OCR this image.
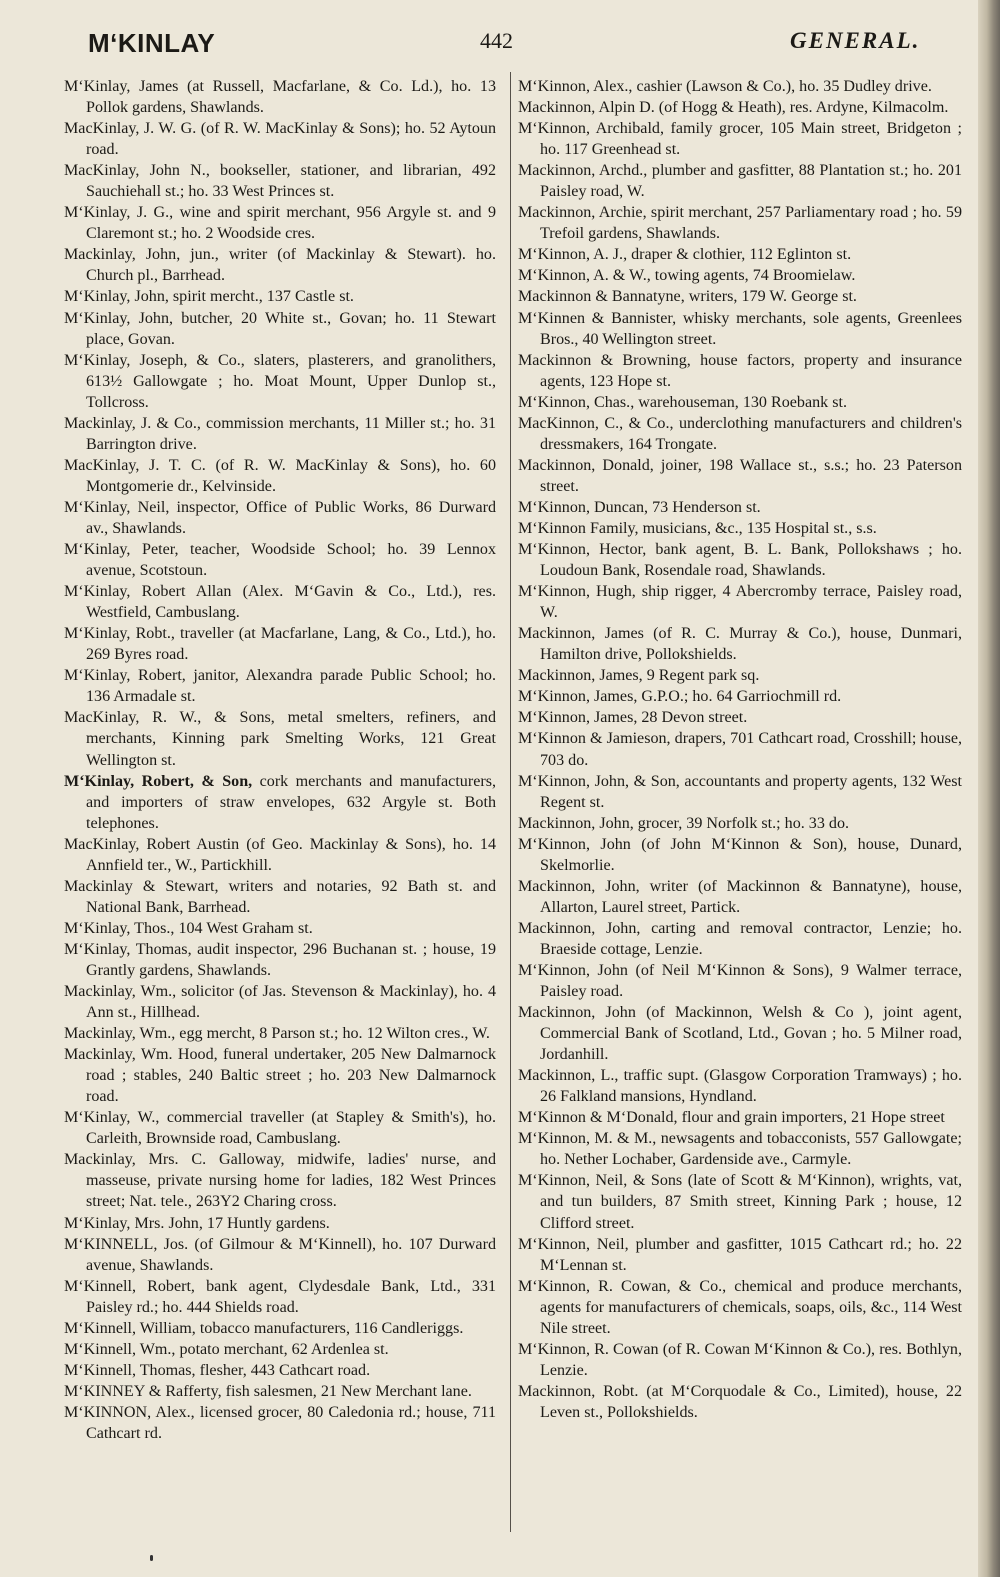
M‘KINLAY	442	GENERAL.

M‘Kinlay, James (at Russell, Macfarlane, & Co. Ld.), ho. 13 Pollok gardens, Shawlands.

MacKinlay, J. W. G. (of R. W. MacKinlay & Sons); ho. 52 Aytoun road.

MacKinlay, John N., bookseller, stationer, and librarian, 492 Sauchiehall st.; ho. 33 West Princes st.

M‘Kinlay, J. G., wine and spirit merchant, 956 Argyle st. and 9 Claremont st.; ho. 2 Woodside cres.

Mackinlay, John, jun., writer (of Mackinlay & Stewart). ho. Church pl., Barrhead.

M‘Kinlay, John, spirit mercht., 137 Castle st.

M‘Kinlay, John, butcher, 20 White st., Govan; ho. 11 Stewart place, Govan.

M‘Kinlay, Joseph, & Co., slaters, plasterers, and granolithers, 613½ Gallowgate ; ho. Moat Mount, Upper Dunlop st., Tollcross.

Mackinlay, J. & Co., commission merchants, 11 Miller st.; ho. 31 Barrington drive.

MacKinlay, J. T. C. (of R. W. MacKinlay & Sons), ho. 60 Montgomerie dr., Kelvinside.

M‘Kinlay, Neil, inspector, Office of Public Works, 86 Durward av., Shawlands.

M‘Kinlay, Peter, teacher, Woodside School; ho. 39 Lennox avenue, Scotstoun.

M‘Kinlay, Robert Allan (Alex. M‘Gavin & Co., Ltd.), res. Westfield, Cambuslang.

M‘Kinlay, Robt., traveller (at Macfarlane, Lang, & Co., Ltd.), ho. 269 Byres road.

M‘Kinlay, Robert, janitor, Alexandra parade Public School; ho. 136 Armadale st.

MacKinlay, R. W., & Sons, metal smelters, refiners, and merchants, Kinning park Smelting Works, 121 Great Wellington st.

M‘Kinlay, Robert, & Son, cork merchants and manufacturers, and importers of straw envelopes, 632 Argyle st. Both telephones.

MacKinlay, Robert Austin (of Geo. Mackinlay & Sons), ho. 14 Annfield ter., W., Partickhill.

Mackinlay & Stewart, writers and notaries, 92 Bath st. and National Bank, Barrhead.

M‘Kinlay, Thos., 104 West Graham st.

M‘Kinlay, Thomas, audit inspector, 296 Buchanan st. ; house, 19 Grantly gardens, Shawlands.

Mackinlay, Wm., solicitor (of Jas. Stevenson & Mackinlay), ho. 4 Ann st., Hillhead.

Mackinlay, Wm., egg mercht, 8 Parson st.; ho. 12 Wilton cres., W.

Mackinlay, Wm. Hood, funeral undertaker, 205 New Dalmarnock road ; stables, 240 Baltic street ; ho. 203 New Dalmarnock road.

M‘Kinlay, W., commercial traveller (at Stapley & Smith's), ho. Carleith, Brownside road, Cambuslang.

Mackinlay, Mrs. C. Galloway, midwife, ladies' nurse, and masseuse, private nursing home for ladies, 182 West Princes street; Nat. tele., 263Y2 Charing cross.

M‘Kinlay, Mrs. John, 17 Huntly gardens.

M‘KINNELL, Jos. (of Gilmour & M‘Kinnell), ho. 107 Durward avenue, Shawlands.

M‘Kinnell, Robert, bank agent, Clydesdale Bank, Ltd., 331 Paisley rd.; ho. 444 Shields road.

M‘Kinnell, William, tobacco manufacturers, 116 Candleriggs.

M‘Kinnell, Wm., potato merchant, 62 Ardenlea st.

M‘Kinnell, Thomas, flesher, 443 Cathcart road.

M‘KINNEY & Rafferty, fish salesmen, 21 New Merchant lane.

M‘KINNON, Alex., licensed grocer, 80 Caledonia rd.; house, 711 Cathcart rd.

M‘Kinnon, Alex., cashier (Lawson & Co.), ho. 35 Dudley drive.

Mackinnon, Alpin D. (of Hogg & Heath), res. Ardyne, Kilmacolm.

M‘Kinnon, Archibald, family grocer, 105 Main street, Bridgeton ; ho. 117 Greenhead st.

Mackinnon, Archd., plumber and gasfitter, 88 Plantation st.; ho. 201 Paisley road, W.

Mackinnon, Archie, spirit merchant, 257 Parliamentary road ; ho. 59 Trefoil gardens, Shawlands.

M‘Kinnon, A. J., draper & clothier, 112 Eglinton st.

M‘Kinnon, A. & W., towing agents, 74 Broomielaw.

Mackinnon & Bannatyne, writers, 179 W. George st.

M‘Kinnen & Bannister, whisky merchants, sole agents, Greenlees Bros., 40 Wellington street.

Mackinnon & Browning, house factors, property and insurance agents, 123 Hope st.

M‘Kinnon, Chas., warehouseman, 130 Roebank st.

MacKinnon, C., & Co., underclothing manufacturers and children's dressmakers, 164 Trongate.

Mackinnon, Donald, joiner, 198 Wallace st., s.s.; ho. 23 Paterson street.

M‘Kinnon, Duncan, 73 Henderson st.

M‘Kinnon Family, musicians, &c., 135 Hospital st., s.s.

M‘Kinnon, Hector, bank agent, B. L. Bank, Pollokshaws ; ho. Loudoun Bank, Rosendale road, Shawlands.

M‘Kinnon, Hugh, ship rigger, 4 Abercromby terrace, Paisley road, W.

Mackinnon, James (of R. C. Murray & Co.), house, Dunmari, Hamilton drive, Pollokshields.

Mackinnon, James, 9 Regent park sq.

M‘Kinnon, James, G.P.O.; ho. 64 Garriochmill rd.

M‘Kinnon, James, 28 Devon street.

M‘Kinnon & Jamieson, drapers, 701 Cathcart road, Crosshill; house, 703 do.

M‘Kinnon, John, & Son, accountants and property agents, 132 West Regent st.

Mackinnon, John, grocer, 39 Norfolk st.; ho. 33 do.

M‘Kinnon, John (of John M‘Kinnon & Son), house, Dunard, Skelmorlie.

Mackinnon, John, writer (of Mackinnon & Bannatyne), house, Allarton, Laurel street, Partick.

Mackinnon, John, carting and removal contractor, Lenzie; ho. Braeside cottage, Lenzie.

M‘Kinnon, John (of Neil M‘Kinnon & Sons), 9 Walmer terrace, Paisley road.

Mackinnon, John (of Mackinnon, Welsh & Co ), joint agent, Commercial Bank of Scotland, Ltd., Govan ; ho. 5 Milner road, Jordanhill.

Mackinnon, L., traffic supt. (Glasgow Corporation Tramways) ; ho. 26 Falkland mansions, Hyndland.

M‘Kinnon & M‘Donald, flour and grain importers, 21 Hope street

M‘Kinnon, M. & M., newsagents and tobacconists, 557 Gallowgate; ho. Nether Lochaber, Gardenside ave., Carmyle.

M‘Kinnon, Neil, & Sons (late of Scott & M‘Kinnon), wrights, vat, and tun builders, 87 Smith street, Kinning Park ; house, 12 Clifford street.

M‘Kinnon, Neil, plumber and gasfitter, 1015 Cathcart rd.; ho. 22 M‘Lennan st.

M‘Kinnon, R. Cowan, & Co., chemical and produce merchants, agents for manufacturers of chemicals, soaps, oils, &c., 114 West Nile street.

M‘Kinnon, R. Cowan (of R. Cowan M‘Kinnon & Co.), res. Bothlyn, Lenzie.

Mackinnon, Robt. (at M‘Corquodale & Co., Limited), house, 22 Leven st., Pollokshields.
